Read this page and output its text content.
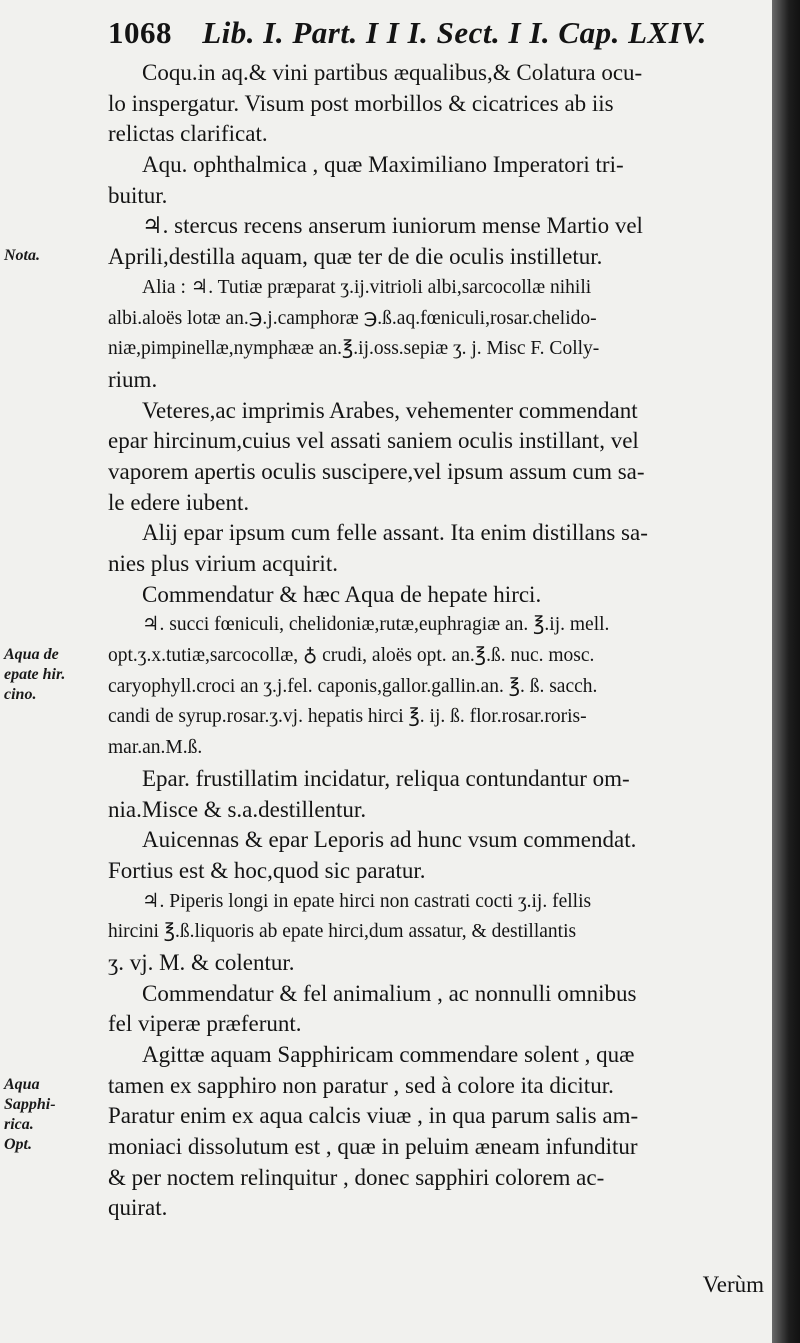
1068 Lib. I. Part. I I I. Sect. I I. Cap. LXIV.
Nota.
Aqua de
epate hir.
cino.
Aqua
Sapphi-
rica.
Opt.
Coqu.in aq.& vini partibus æqualibus,& Colatura ocu-
lo inspergatur. Visum post morbillos & cicatrices ab iis
relictas clarificat.
Aqu. ophthalmica , quæ Maximiliano Imperatori tri-
buitur.
♃. stercus recens anserum iuniorum mense Martio vel
Aprili,destilla aquam, quæ ter de die oculis instilletur.
Alia : ♃. Tutiæ præparat ʒ.ij.vitrioli albi,sarcocollæ nihili
albi.aloës lotæ an.℈.j.camphoræ ℈.ß.aq.fœniculi,rosar.chelido-
niæ,pimpinellæ,nymphææ an.℥.ij.oss.sepiæ ʒ. j. Misc F. Colly-
rium.
Veteres,ac imprimis Arabes, vehementer commendant
epar hircinum,cuius vel assati saniem oculis instillant, vel
vaporem apertis oculis suscipere,vel ipsum assum cum sa-
le edere iubent.
Alij epar ipsum cum felle assant. Ita enim distillans sa-
nies plus virium acquirit.
Commendatur & hæc Aqua de hepate hirci.
♃. succi fœniculi, chelidoniæ,rutæ,euphragiæ an. ℥.ij. mell.
opt.ʒ.x.tutiæ,sarcocollæ, ♁ crudi, aloës opt. an.℥.ß. nuc. mosc.
caryophyll.croci an ʒ.j.fel. caponis,gallor.gallin.an. ℥. ß. sacch.
candi de syrup.rosar.ʒ.vj. hepatis hirci ℥. ij. ß. flor.rosar.roris-
mar.an.M.ß.
Epar. frustillatim incidatur, reliqua contundantur om-
nia.Misce & s.a.destillentur.
Auicennas & epar Leporis ad hunc vsum commendat.
Fortius est & hoc,quod sic paratur.
♃. Piperis longi in epate hirci non castrati cocti ʒ.ij. fellis
hircini ℥.ß.liquoris ab epate hirci,dum assatur, & destillantis
ʒ. vj. M. & colentur.
Commendatur & fel animalium , ac nonnulli omnibus
fel viperæ præferunt.
Agittæ aquam Sapphiricam commendare solent , quæ
tamen ex sapphiro non paratur , sed à colore ita dicitur.
Paratur enim ex aqua calcis viuæ , in qua parum salis am-
moniaci dissolutum est , quæ in peluim æneam infunditur
& per noctem relinquitur , donec sapphiri colorem ac-
quirat.
Verùm
